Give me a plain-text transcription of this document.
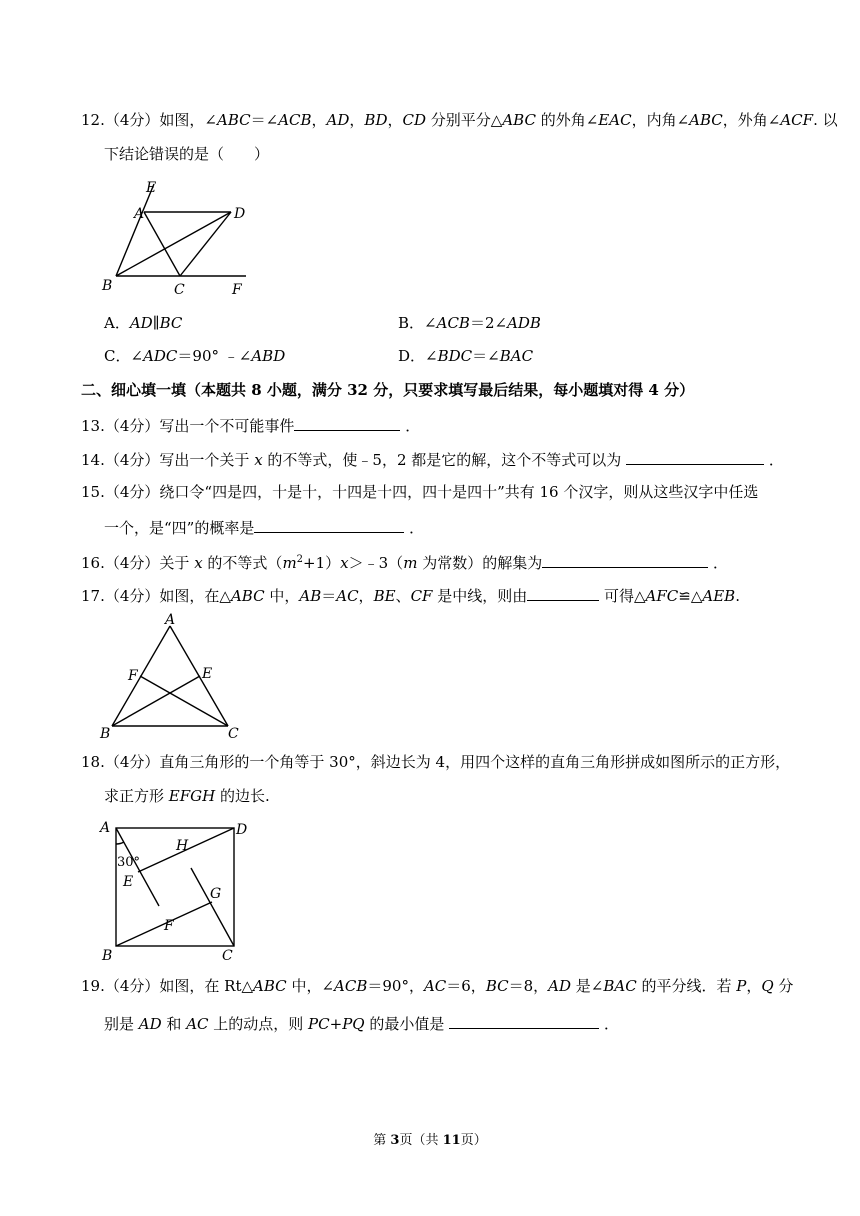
12.（4分）如图，∠ABC＝∠ACB，AD，BD，CD 分别平分△ABC 的外角∠EAC，内角∠ABC，外角∠ACF. 以
下结论错误的是（　　）
E
A	D
B	C	F
A．AD∥BC	B．∠ACB＝2∠ADB
C．∠ADC＝90° ﹣∠ABD	D．∠BDC＝∠BAC
二、细心填一填（本题共 8 小题，满分 32 分，只要求填写最后结果，每小题填对得 4 分）
13.（4分）写出一个不可能事件	．
14.（4分）写出一个关于 x 的不等式，使﹣5，2 都是它的解，这个不等式可以为	．
15.（4分）绕口令“四是四，十是十，十四是十四，四十是四十”共有 16 个汉字，则从这些汉字中任选
一个，是“四”的概率是	．
16.（4分）关于 x 的不等式$(m^2+1)x>﹣3(m$ 为常数）的解集为	．
17.（4分）如图，在△ABC 中，AB＝AC，BE、CF 是中线，则由	可得△AFC≌△AEB.
A
F	E
B	C
18.（4分）直角三角形的一个角等于 30°，斜边长为 4，用四个这样的直角三角形拼成如图所示的正方形，
求正方形 EFGH 的边长.
A	D
H
30°
E
G
F
B	C
19.（4分）如图，在 Rt△ABC 中，∠ACB＝90°，AC＝6，BC＝8，AD 是∠BAC 的平分线．若 P，Q 分
别是 AD 和 AC 上的动点，则 PC+PQ 的最小值是	．
第 3页（共 11页）
